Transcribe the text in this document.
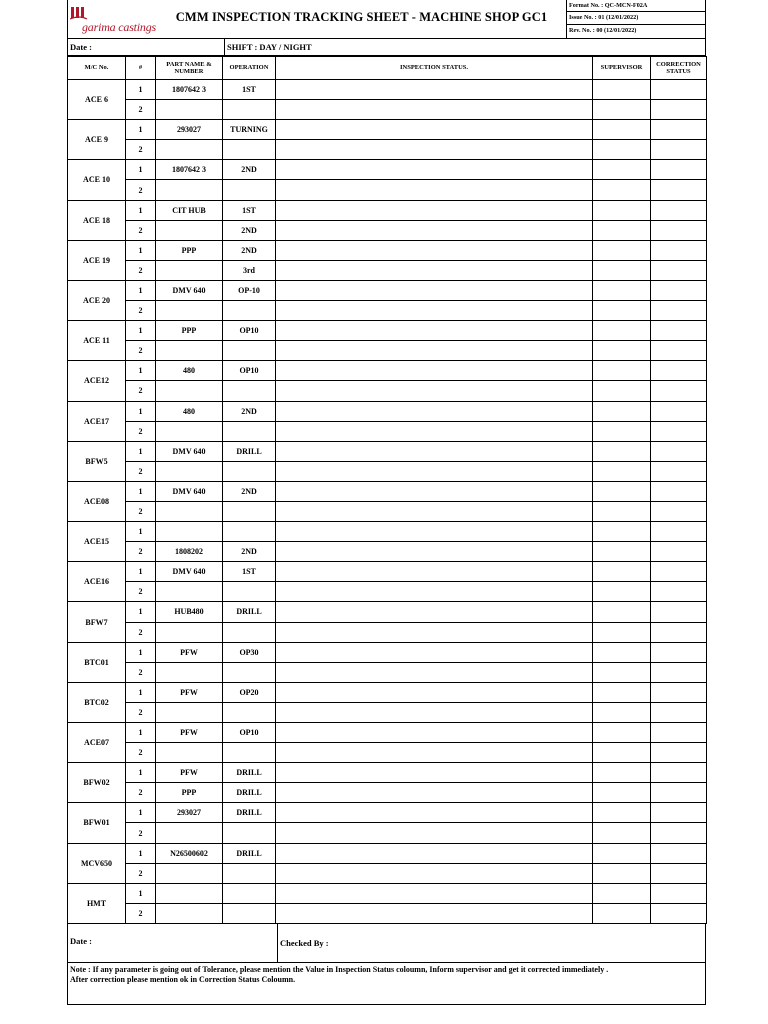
garima castings
CMM INSPECTION TRACKING SHEET - MACHINE SHOP GC1
Format No. : QC-MCN-F02A
Issue No. : 01 (12/01/2022)
Rev. No. : 00 (12/01/2022)
Date :	SHIFT : DAY / NIGHT
M/C No.	#	PART NAME & NUMBER	OPERATION	INSPECTION STATUS.	SUPERVISOR	CORRECTION STATUS
ACE 6	1	1807642 3	1ST			
	2					
ACE 9	1	293027	TURNING			
	2					
ACE 10	1	1807642 3	2ND			
	2					
ACE 18	1	CIT HUB	1ST			
	2		2ND			
ACE 19	1	PPP	2ND			
	2		3rd			
ACE 20	1	DMV 640	OP-10			
	2					
ACE 11	1	PPP	OP10			
	2					
ACE12	1	480	OP10			
	2					
ACE17	1	480	2ND			
	2					
BFW5	1	DMV 640	DRILL			
	2					
ACE08	1	DMV 640	2ND			
	2					
ACE15	1					
	2	1808202	2ND			
ACE16	1	DMV 640	1ST			
	2					
BFW7	1	HUB480	DRILL			
	2					
BTC01	1	PFW	OP30			
	2					
BTC02	1	PFW	OP20			
	2					
ACE07	1	PFW	OP10			
	2					
BFW02	1	PFW	DRILL			
	2	PPP	DRILL			
BFW01	1	293027	DRILL			
	2					
MCV650	1	N26500602	DRILL			
	2					
HMT	1					
	2					
Date :	Checked By :
Note : If any parameter is going out of Tolerance, please mention the Value in Inspection Status coloumn, Inform supervisor and get it corrected immediately .
After correction please mention ok in Correction Status Coloumn.
